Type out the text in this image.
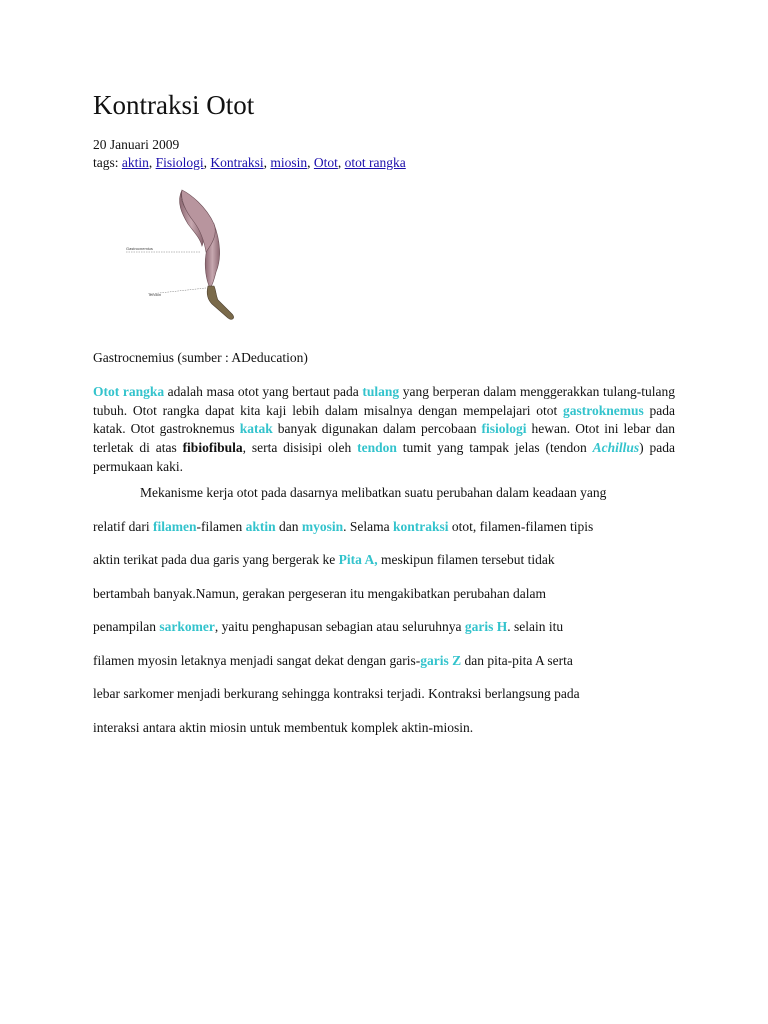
Kontraksi Otot
20 Januari 2009
tags: aktin, Fisiologi, Kontraksi, miosin, Otot, otot rangka
Gastrocnemius
Tendon
Gastrocnemius (sumber : ADeducation)

Otot rangka adalah masa otot yang bertaut pada tulang yang berperan dalam menggerakkan tulang-tulang tubuh. Otot rangka dapat kita kaji lebih dalam misalnya dengan mempelajari otot gastroknemus pada katak. Otot gastroknemus katak banyak digunakan dalam percobaan fisiologi hewan. Otot ini lebar dan terletak di atas fibiofibula, serta disisipi oleh tendon tumit yang tampak jelas (tendon Achillus) pada permukaan kaki.

Mekanisme kerja otot pada dasarnya melibatkan suatu perubahan dalam keadaan yang
relatif dari filamen-filamen aktin dan myosin. Selama kontraksi otot, filamen-filamen tipis
aktin terikat pada dua garis yang bergerak ke Pita A, meskipun filamen tersebut tidak
bertambah banyak.Namun, gerakan pergeseran itu mengakibatkan perubahan dalam
penampilan sarkomer, yaitu penghapusan sebagian atau seluruhnya garis H. selain itu
filamen myosin letaknya menjadi sangat dekat dengan garis-garis Z dan pita-pita A serta
lebar sarkomer menjadi berkurang sehingga kontraksi terjadi. Kontraksi berlangsung pada
interaksi antara aktin miosin untuk membentuk komplek aktin-miosin.
